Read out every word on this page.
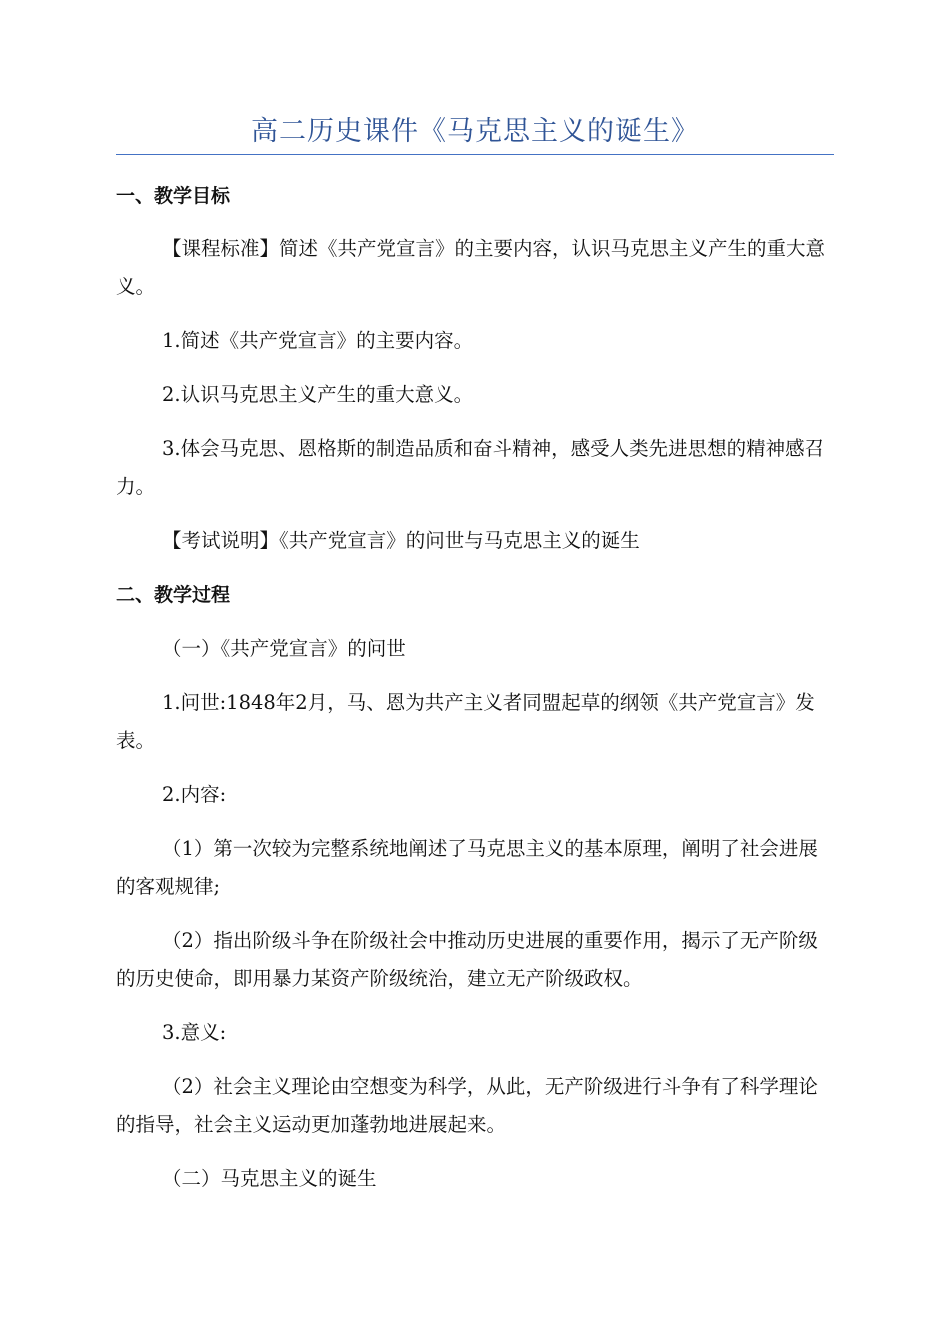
高二历史课件《马克思主义的诞生》
一、教学目标
【课程标准】简述《共产党宣言》的主要内容，认识马克思主义产生的重大意义。
1.简述《共产党宣言》的主要内容。
2.认识马克思主义产生的重大意义。
3.体会马克思、恩格斯的制造品质和奋斗精神，感受人类先进思想的精神感召力。
【考试说明】《共产党宣言》的问世与马克思主义的诞生
二、教学过程
（一）《共产党宣言》的问世
1.问世:1848年2月，马、恩为共产主义者同盟起草的纲领《共产党宣言》发表。
2.内容:
（1）第一次较为完整系统地阐述了马克思主义的基本原理，阐明了社会进展的客观规律;
（2）指出阶级斗争在阶级社会中推动历史进展的重要作用，揭示了无产阶级的历史使命，即用暴力某资产阶级统治，建立无产阶级政权。
3.意义:
（2）社会主义理论由空想变为科学，从此，无产阶级进行斗争有了科学理论的指导，社会主义运动更加蓬勃地进展起来。
（二）马克思主义的诞生
